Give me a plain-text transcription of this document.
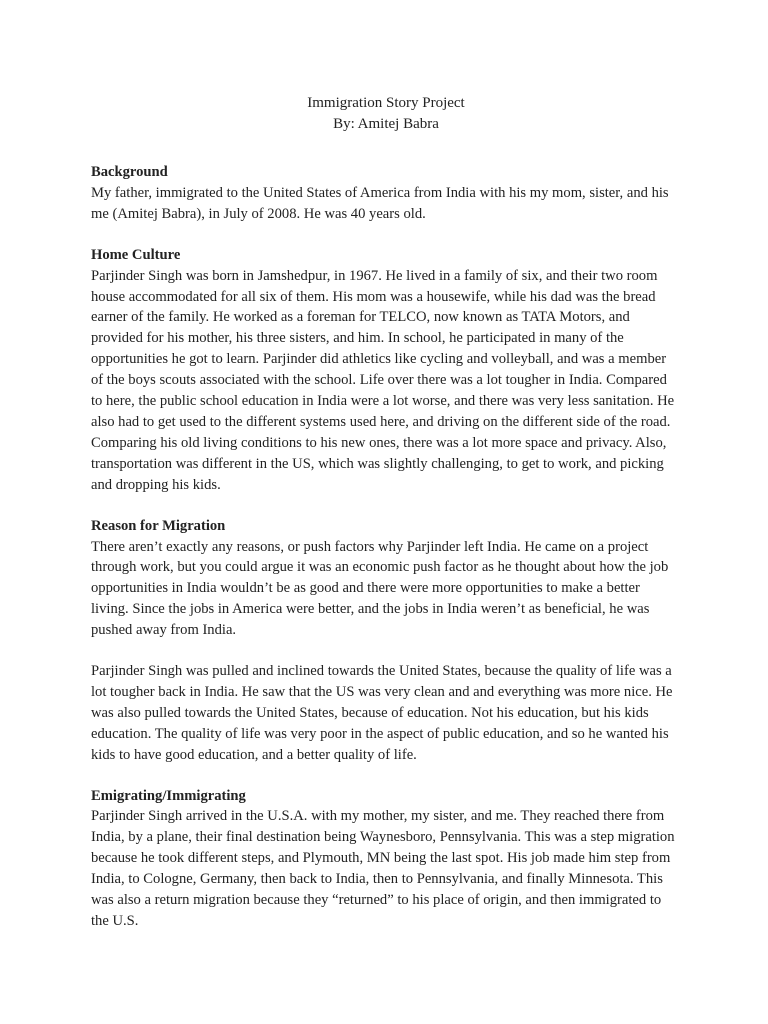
Immigration Story Project
By: Amitej Babra

Background

My father, immigrated to the United States of America from India with his my mom, sister, and his me (Amitej Babra), in July of 2008. He was 40 years old.

Home Culture

Parjinder Singh was born in Jamshedpur, in 1967. He lived in a family of six, and their two room house accommodated for all six of them. His mom was a housewife, while his dad was the bread earner of the family. He worked as a foreman for TELCO, now known as TATA Motors, and provided for his mother, his three sisters, and him. In school, he participated in many of the opportunities he got to learn. Parjinder did athletics like cycling and volleyball, and was a member of the boys scouts associated with the school. Life over there was a lot tougher in India. Compared to here, the public school education in India were a lot worse, and there was very less sanitation. He also had to get used to the different systems used here, and driving on the different side of the road. Comparing his old living conditions to his new ones, there was a lot more space and privacy. Also, transportation was different in the US, which was slightly challenging, to get to work, and picking and dropping his kids.

Reason for Migration

There aren’t exactly any reasons, or push factors why Parjinder left India. He came on a project through work, but you could argue it was an economic push factor as he thought about how the job opportunities in India wouldn’t be as good and there were more opportunities to make a better living. Since the jobs in America were better, and the jobs in India weren’t as beneficial, he was pushed away from India.

Parjinder Singh was pulled and inclined towards the United States, because the quality of life was a lot tougher back in India. He saw that the US was very clean and and everything was more nice. He was also pulled towards the United States, because of education. Not his education, but his kids education. The quality of life was very poor in the aspect of public education, and so he wanted his kids to have good education, and a better quality of life.

Emigrating/Immigrating

Parjinder Singh arrived in the U.S.A. with my mother, my sister, and me. They reached there from India, by a plane, their final destination being Waynesboro, Pennsylvania. This was a step migration because he took different steps, and Plymouth, MN being the last spot. His job made him step from India, to Cologne, Germany, then back to India, then to Pennsylvania, and finally Minnesota. This was also a return migration because they “returned” to his place of origin, and then immigrated to the U.S.
